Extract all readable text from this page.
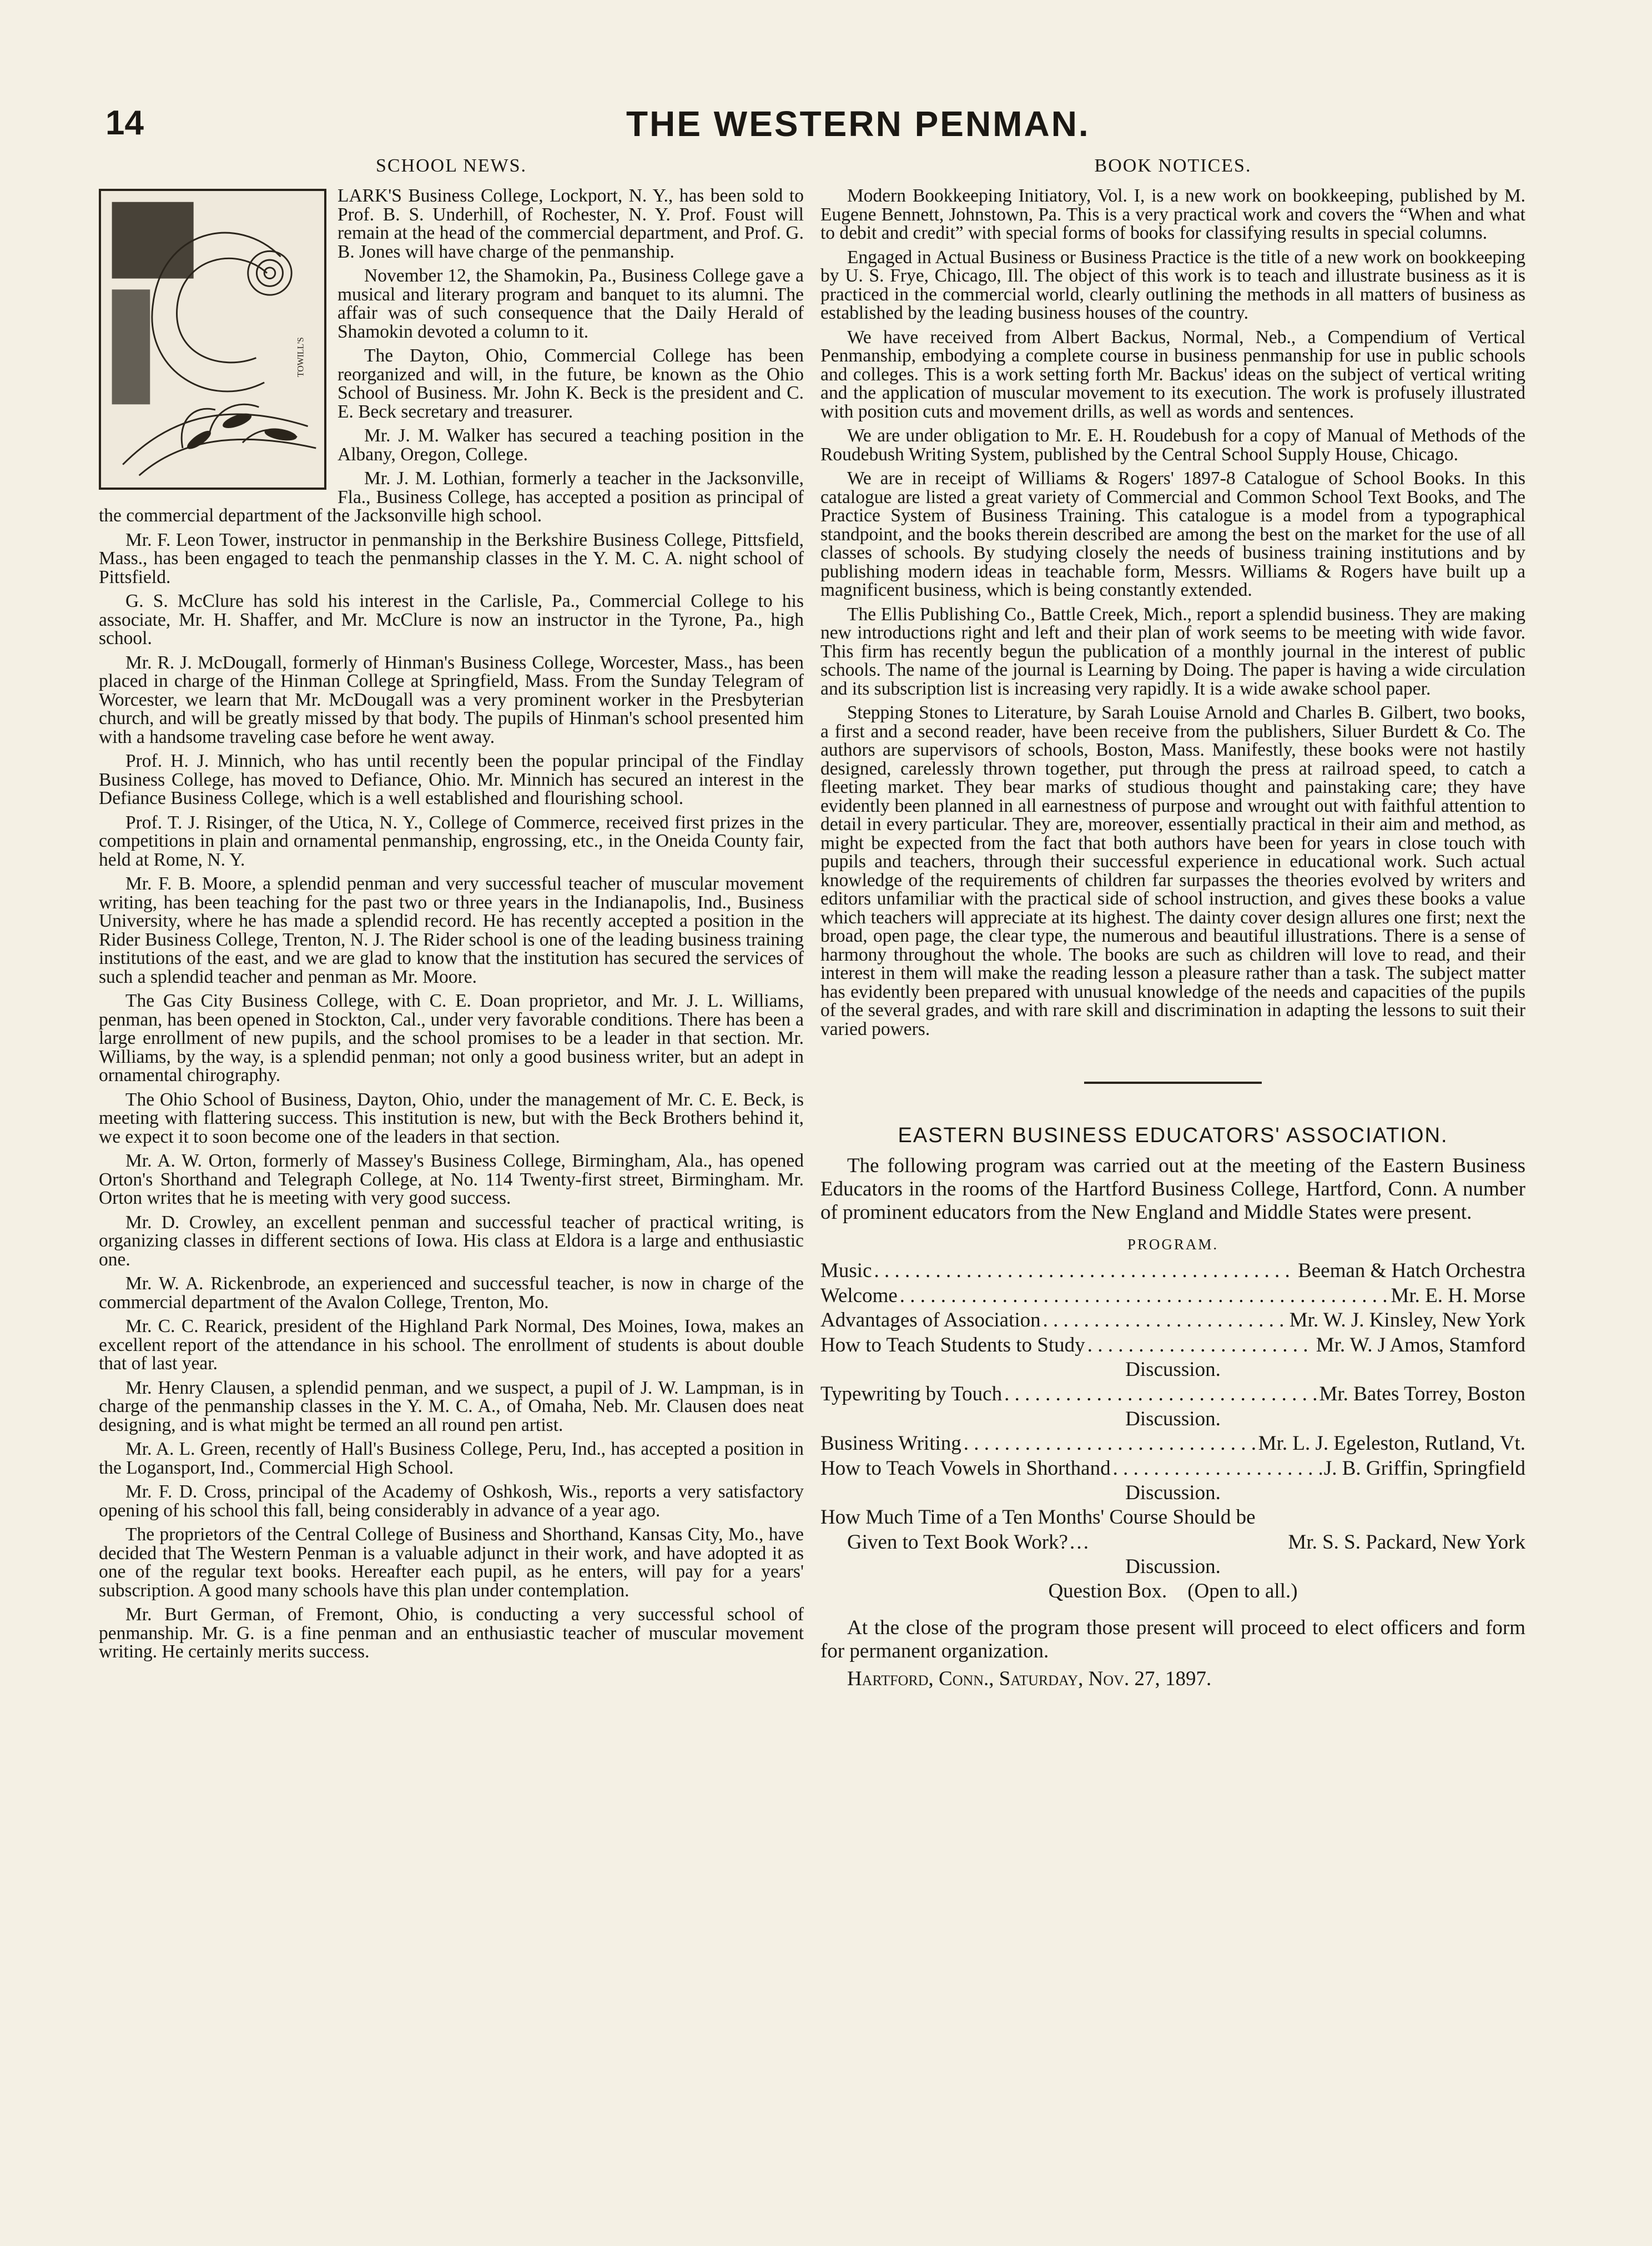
14	THE WESTERN PENMAN.
SCHOOL NEWS.
TOWILL'S

LARK'S Business College, Lockport, N. Y., has been sold to Prof. B. S. Underhill, of Rochester, N. Y. Prof. Foust will remain at the head of the commercial department, and Prof. G. B. Jones will have charge of the penmanship.

November 12, the Shamokin, Pa., Business College gave a musical and literary program and banquet to its alumni. The affair was of such consequence that the Daily Herald of Shamokin devoted a column to it.

The Dayton, Ohio, Commercial College has been reorganized and will, in the future, be known as the Ohio School of Business. Mr. John K. Beck is the president and C. E. Beck secretary and treasurer.

Mr. J. M. Walker has secured a teaching position in the Albany, Oregon, College.

Mr. J. M. Lothian, formerly a teacher in the Jacksonville, Fla., Business College, has accepted a position as principal of the commercial department of the Jacksonville high school.

Mr. F. Leon Tower, instructor in penmanship in the Berkshire Business College, Pittsfield, Mass., has been engaged to teach the penmanship classes in the Y. M. C. A. night school of Pittsfield.

G. S. McClure has sold his interest in the Carlisle, Pa., Commercial College to his associate, Mr. H. Shaffer, and Mr. McClure is now an instructor in the Tyrone, Pa., high school.

Mr. R. J. McDougall, formerly of Hinman's Business College, Worcester, Mass., has been placed in charge of the Hinman College at Springfield, Mass. From the Sunday Telegram of Worcester, we learn that Mr. McDougall was a very prominent worker in the Presbyterian church, and will be greatly missed by that body. The pupils of Hinman's school presented him with a handsome traveling case before he went away.

Prof. H. J. Minnich, who has until recently been the popular principal of the Findlay Business College, has moved to Defiance, Ohio. Mr. Minnich has secured an interest in the Defiance Business College, which is a well established and flourishing school.

Prof. T. J. Risinger, of the Utica, N. Y., College of Commerce, received first prizes in the competitions in plain and ornamental penmanship, engrossing, etc., in the Oneida County fair, held at Rome, N. Y.

Mr. F. B. Moore, a splendid penman and very successful teacher of muscular movement writing, has been teaching for the past two or three years in the Indianapolis, Ind., Business University, where he has made a splendid record. He has recently accepted a position in the Rider Business College, Trenton, N. J. The Rider school is one of the leading business training institutions of the east, and we are glad to know that the institution has secured the services of such a splendid teacher and penman as Mr. Moore.

The Gas City Business College, with C. E. Doan proprietor, and Mr. J. L. Williams, penman, has been opened in Stockton, Cal., under very favorable conditions. There has been a large enrollment of new pupils, and the school promises to be a leader in that section. Mr. Williams, by the way, is a splendid penman; not only a good business writer, but an adept in ornamental chirography.

The Ohio School of Business, Dayton, Ohio, under the management of Mr. C. E. Beck, is meeting with flattering success. This institution is new, but with the Beck Brothers behind it, we expect it to soon become one of the leaders in that section.

Mr. A. W. Orton, formerly of Massey's Business College, Birmingham, Ala., has opened Orton's Shorthand and Telegraph College, at No. 114 Twenty-first street, Birmingham. Mr. Orton writes that he is meeting with very good success.

Mr. D. Crowley, an excellent penman and successful teacher of practical writing, is organizing classes in different sections of Iowa. His class at Eldora is a large and enthusiastic one.

Mr. W. A. Rickenbrode, an experienced and successful teacher, is now in charge of the commercial department of the Avalon College, Trenton, Mo.

Mr. C. C. Rearick, president of the Highland Park Normal, Des Moines, Iowa, makes an excellent report of the attendance in his school. The enrollment of students is about double that of last year.

Mr. Henry Clausen, a splendid penman, and we suspect, a pupil of J. W. Lampman, is in charge of the penmanship classes in the Y. M. C. A., of Omaha, Neb. Mr. Clausen does neat designing, and is what might be termed an all round pen artist.

Mr. A. L. Green, recently of Hall's Business College, Peru, Ind., has accepted a position in the Logansport, Ind., Commercial High School.

Mr. F. D. Cross, principal of the Academy of Oshkosh, Wis., reports a very satisfactory opening of his school this fall, being considerably in advance of a year ago.

The proprietors of the Central College of Business and Shorthand, Kansas City, Mo., have decided that The Western Penman is a valuable adjunct in their work, and have adopted it as one of the regular text books. Hereafter each pupil, as he enters, will pay for a years' subscription. A good many schools have this plan under contemplation.

Mr. Burt German, of Fremont, Ohio, is conducting a very successful school of penmanship. Mr. G. is a fine penman and an enthusiastic teacher of muscular movement writing. He certainly merits success.

BOOK NOTICES.

Modern Bookkeeping Initiatory, Vol. I, is a new work on bookkeeping, published by M. Eugene Bennett, Johnstown, Pa. This is a very practical work and covers the “When and what to debit and credit” with special forms of books for classifying results in special columns.

Engaged in Actual Business or Business Practice is the title of a new work on bookkeeping by U. S. Frye, Chicago, Ill. The object of this work is to teach and illustrate business as it is practiced in the commercial world, clearly outlining the methods in all matters of business as established by the leading business houses of the country.

We have received from Albert Backus, Normal, Neb., a Compendium of Vertical Penmanship, embodying a complete course in business penmanship for use in public schools and colleges. This is a work setting forth Mr. Backus' ideas on the subject of vertical writing and the application of muscular movement to its execution. The work is profusely illustrated with position cuts and movement drills, as well as words and sentences.

We are under obligation to Mr. E. H. Roudebush for a copy of Manual of Methods of the Roudebush Writing System, published by the Central School Supply House, Chicago.

We are in receipt of Williams & Rogers' 1897-8 Catalogue of School Books. In this catalogue are listed a great variety of Commercial and Common School Text Books, and The Practice System of Business Training. This catalogue is a model from a typographical standpoint, and the books therein described are among the best on the market for the use of all classes of schools. By studying closely the needs of business training institutions and by publishing modern ideas in teachable form, Messrs. Williams & Rogers have built up a magnificent business, which is being constantly extended.

The Ellis Publishing Co., Battle Creek, Mich., report a splendid business. They are making new introductions right and left and their plan of work seems to be meeting with wide favor. This firm has recently begun the publication of a monthly journal in the interest of public schools. The name of the journal is Learning by Doing. The paper is having a wide circulation and its subscription list is increasing very rapidly. It is a wide awake school paper.

Stepping Stones to Literature, by Sarah Louise Arnold and Charles B. Gilbert, two books, a first and a second reader, have been receive from the publishers, Siluer Burdett & Co. The authors are supervisors of schools, Boston, Mass. Manifestly, these books were not hastily designed, carelessly thrown together, put through the press at railroad speed, to catch a fleeting market. They bear marks of studious thought and painstaking care; they have evidently been planned in all earnestness of purpose and wrought out with faithful attention to detail in every particular. They are, moreover, essentially practical in their aim and method, as might be expected from the fact that both authors have been for years in close touch with pupils and teachers, through their successful experience in educational work. Such actual knowledge of the requirements of children far surpasses the theories evolved by writers and editors unfamiliar with the practical side of school instruction, and gives these books a value which teachers will appreciate at its highest. The dainty cover design allures one first; next the broad, open page, the clear type, the numerous and beautiful illustrations. There is a sense of harmony throughout the whole. The books are such as children will love to read, and their interest in them will make the reading lesson a pleasure rather than a task. The subject matter has evidently been prepared with unusual knowledge of the needs and capacities of the pupils of the several grades, and with rare skill and discrimination in adapting the lessons to suit their varied powers.

EASTERN BUSINESS EDUCATORS' ASSOCIATION.

The following program was carried out at the meeting of the Eastern Business Educators in the rooms of the Hartford Business College, Hartford, Conn. A number of prominent educators from the New England and Middle States were present.

PROGRAM.
Music . . .	Beeman & Hatch Orchestra
Welcome . . .	Mr. E. H. Morse
Advantages of Association . . .	Mr. W. J. Kinsley, New York
How to Teach Students to Study . . .	Mr. W. J Amos, Stamford
Discussion.
Typewriting by Touch . . .	Mr. Bates Torrey, Boston
Discussion.
Business Writing . . .	Mr. L. J. Egeleston, Rutland, Vt.
How to Teach Vowels in Shorthand . . .	J. B. Griffin, Springfield
Discussion.
How Much Time of a Ten Months' Course Should be
Given to Text Book Work?  . . . 	Mr. S. S. Packard, New York
Discussion.
Question Box.    (Open to all.)

At the close of the program those present will proceed to elect officers and form for permanent organization.

Hartford, Conn., Saturday, Nov. 27, 1897.
